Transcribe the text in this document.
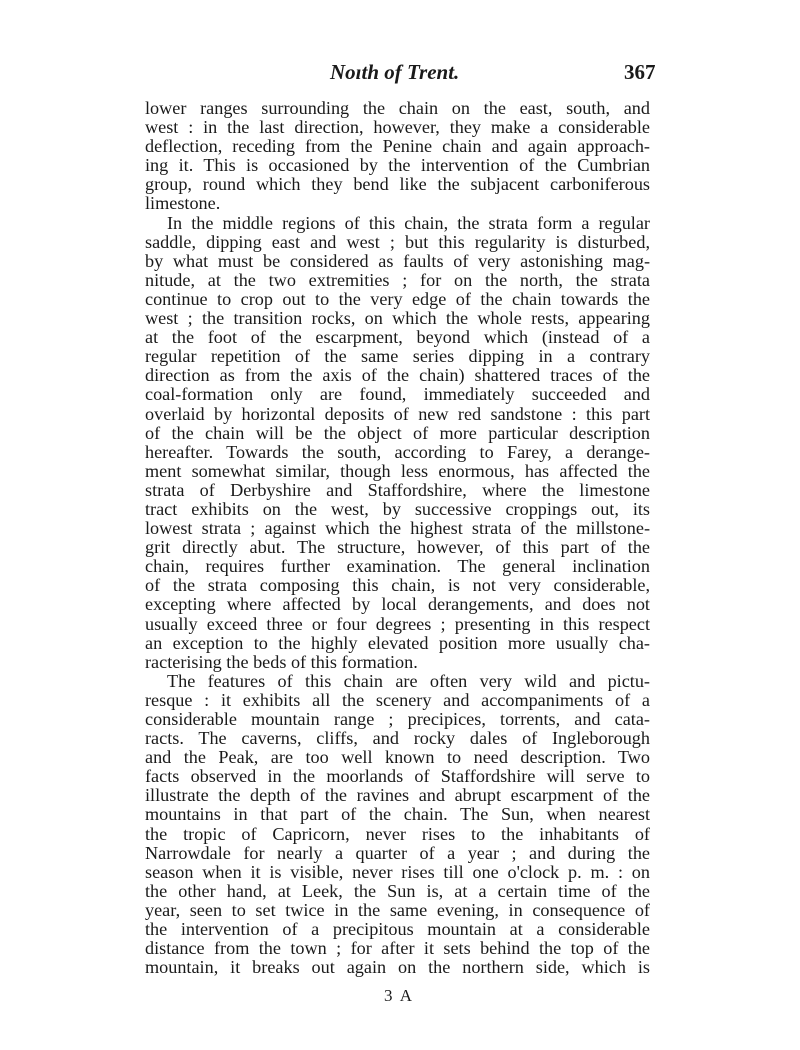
Noıth of Trent.	367
lower ranges surrounding the chain on the east, south, and
west : in the last direction, however, they make a considerable
deflection, receding from the Penine chain and again approach-
ing it. This is occasioned by the intervention of the Cumbrian
group, round which they bend like the subjacent carboniferous
limestone.
In the middle regions of this chain, the strata form a regular
saddle, dipping east and west ; but this regularity is disturbed,
by what must be considered as faults of very astonishing mag-
nitude, at the two extremities ; for on the north, the strata
continue to crop out to the very edge of the chain towards the
west ; the transition rocks, on which the whole rests, appearing
at the foot of the escarpment, beyond which (instead of a
regular repetition of the same series dipping in a contrary
direction as from the axis of the chain) shattered traces of the
coal-formation only are found, immediately succeeded and
overlaid by horizontal deposits of new red sandstone : this part
of the chain will be the object of more particular description
hereafter. Towards the south, according to Farey, a derange-
ment somewhat similar, though less enormous, has affected the
strata of Derbyshire and Staffordshire, where the limestone
tract exhibits on the west, by successive croppings out, its
lowest strata ; against which the highest strata of the millstone-
grit directly abut. The structure, however, of this part of the
chain, requires further examination. The general inclination
of the strata composing this chain, is not very considerable,
excepting where affected by local derangements, and does not
usually exceed three or four degrees ; presenting in this respect
an exception to the highly elevated position more usually cha-
racterising the beds of this formation.
The features of this chain are often very wild and pictu-
resque : it exhibits all the scenery and accompaniments of a
considerable mountain range ; precipices, torrents, and cata-
racts. The caverns, cliffs, and rocky dales of Ingleborough
and the Peak, are too well known to need description. Two
facts observed in the moorlands of Staffordshire will serve to
illustrate the depth of the ravines and abrupt escarpment of the
mountains in that part of the chain. The Sun, when nearest
the tropic of Capricorn, never rises to the inhabitants of
Narrowdale for nearly a quarter of a year ; and during the
season when it is visible, never rises till one o'clock p. m. : on
the other hand, at Leek, the Sun is, at a certain time of the
year, seen to set twice in the same evening, in consequence of
the intervention of a precipitous mountain at a considerable
distance from the town ; for after it sets behind the top of the
mountain, it breaks out again on the northern side, which is
3 A
